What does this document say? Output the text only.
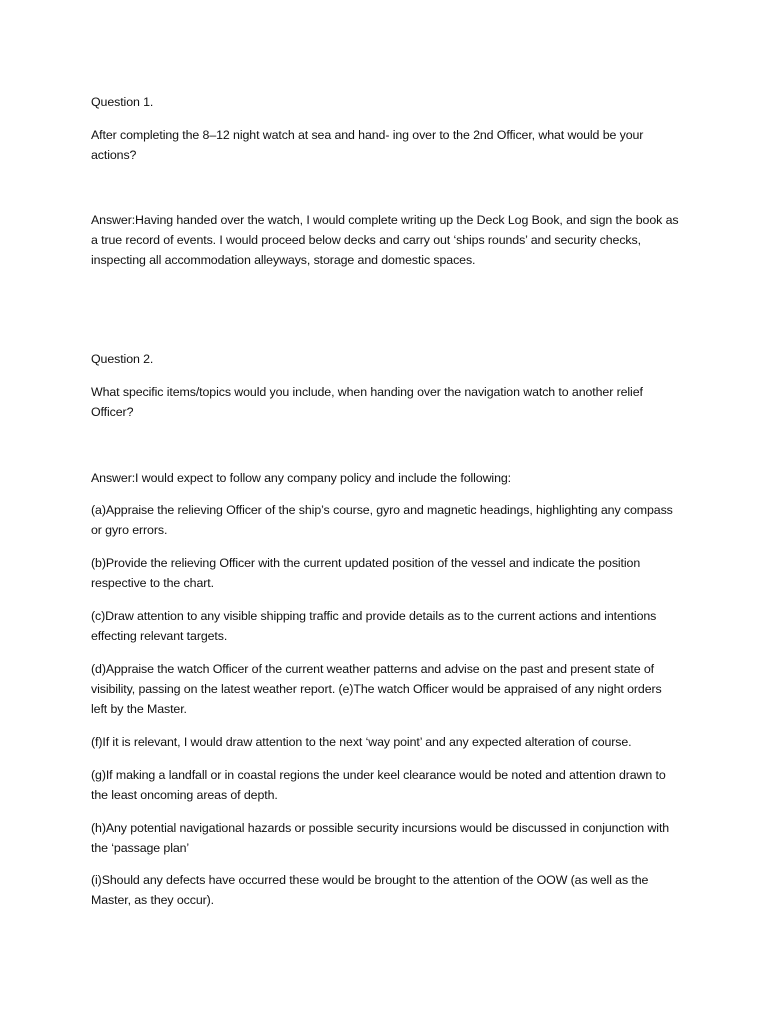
Question 1.

After completing the 8–12 night watch at sea and hand- ing over to the 2nd Officer, what would be your actions?

Answer:Having handed over the watch, I would complete writing up the Deck Log Book, and sign the book as a true record of events. I would proceed below decks and carry out ‘ships rounds’ and security checks, inspecting all accommodation alleyways, storage and domestic spaces.

Question 2.

What specific items/topics would you include, when handing over the navigation watch to another relief Officer?

Answer:I would expect to follow any company policy and include the following:

(a)Appraise the relieving Officer of the ship’s course, gyro and magnetic headings, highlighting any compass or gyro errors.

(b)Provide the relieving Officer with the current updated position of the vessel and indicate the position respective to the chart.

(c)Draw attention to any visible shipping traffic and provide details as to the current actions and intentions effecting relevant targets.

(d)Appraise the watch Officer of the current weather patterns and advise on the past and present state of visibility, passing on the latest weather report. (e)The watch Officer would be appraised of any night orders left by the Master.

(f)If it is relevant, I would draw attention to the next ‘way point’ and any expected alteration of course.

(g)If making a landfall or in coastal regions the under keel clearance would be noted and attention drawn to the least oncoming areas of depth.

(h)Any potential navigational hazards or possible security incursions would be discussed in conjunction with the ‘passage plan’

(i)Should any defects have occurred these would be brought to the attention of the OOW (as well as the Master, as they occur).
